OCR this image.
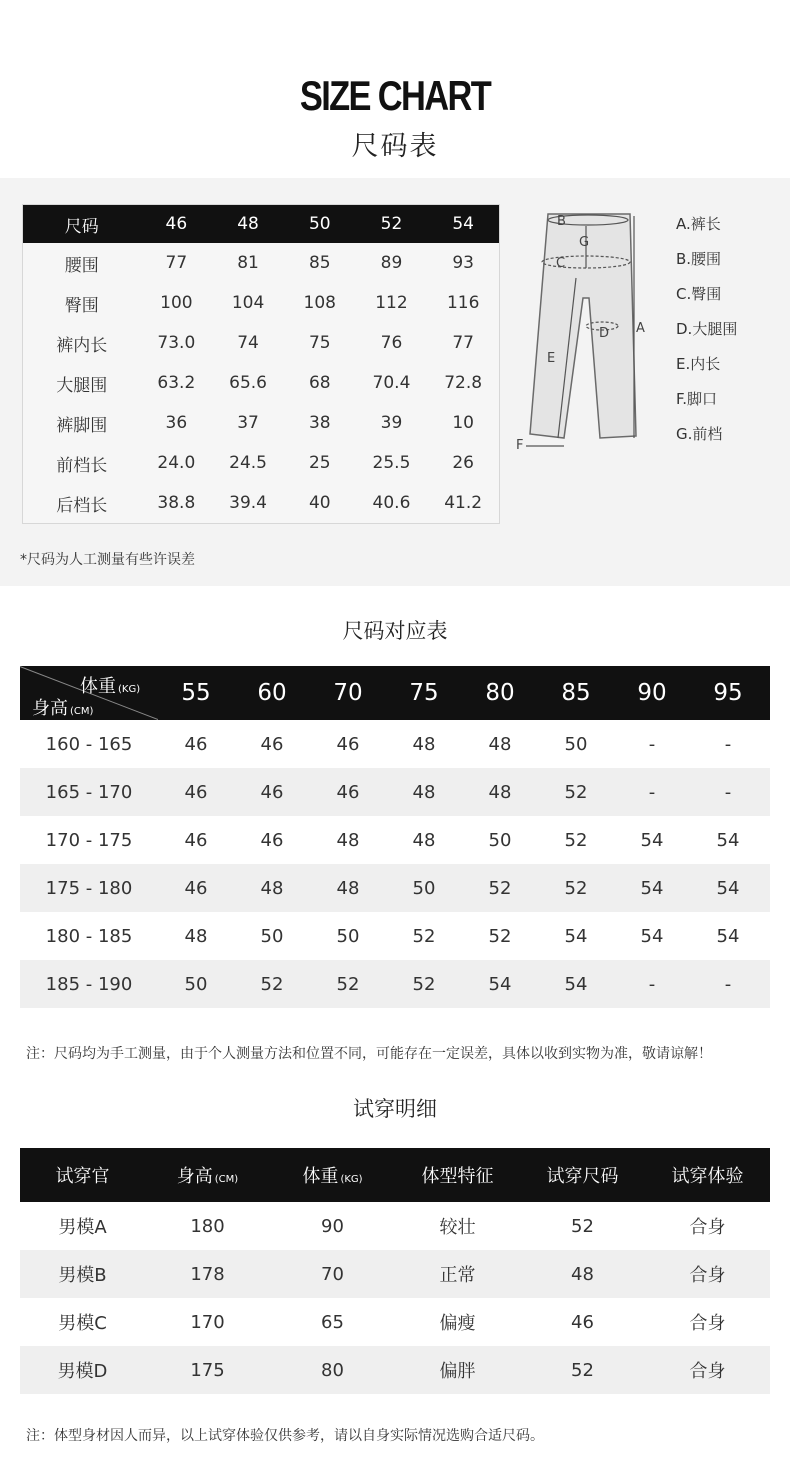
SIZE CHART
尺码表
尺码	46	48	50	52	54
腰围	77	81	85	89	93
臀围	100	104	108	112	116
裤内长	73.0	74	75	76	77
大腿围	63.2	65.6	68	70.4	72.8
裤脚围	36	37	38	39	10
前档长	24.0	24.5	25	25.5	26
后档长	38.8	39.4	40	40.6	41.2
*尺码为人工测量有些许误差
B
G
C
D A
E
F
A.裤长
B.腰围
C.臀围
D.大腿围
E.内长
F.脚口
G.前档
尺码对应表
体重 (KG)
身高 (CM)
55	60	70	75	80	85	90	95
160 - 165	46	46	46	48	48	50	-	-
165 - 170	46	46	46	48	48	52	-	-
170 - 175	46	46	48	48	50	52	54	54
175 - 180	46	48	48	50	52	52	54	54
180 - 185	48	50	50	52	52	54	54	54
185 - 190	50	52	52	52	54	54	-	-
注：尺码均为手工测量，由于个人测量方法和位置不同，可能存在一定误差，具体以收到实物为准，敬请谅解！
试穿明细
试穿官	身高 (CM)	体重 (KG)	体型特征	试穿尺码	试穿体验
男模A	180	90	较壮	52	合身
男模B	178	70	正常	48	合身
男模C	170	65	偏瘦	46	合身
男模D	175	80	偏胖	52	合身
注：体型身材因人而异，以上试穿体验仅供参考，请以自身实际情况选购合适尺码。
